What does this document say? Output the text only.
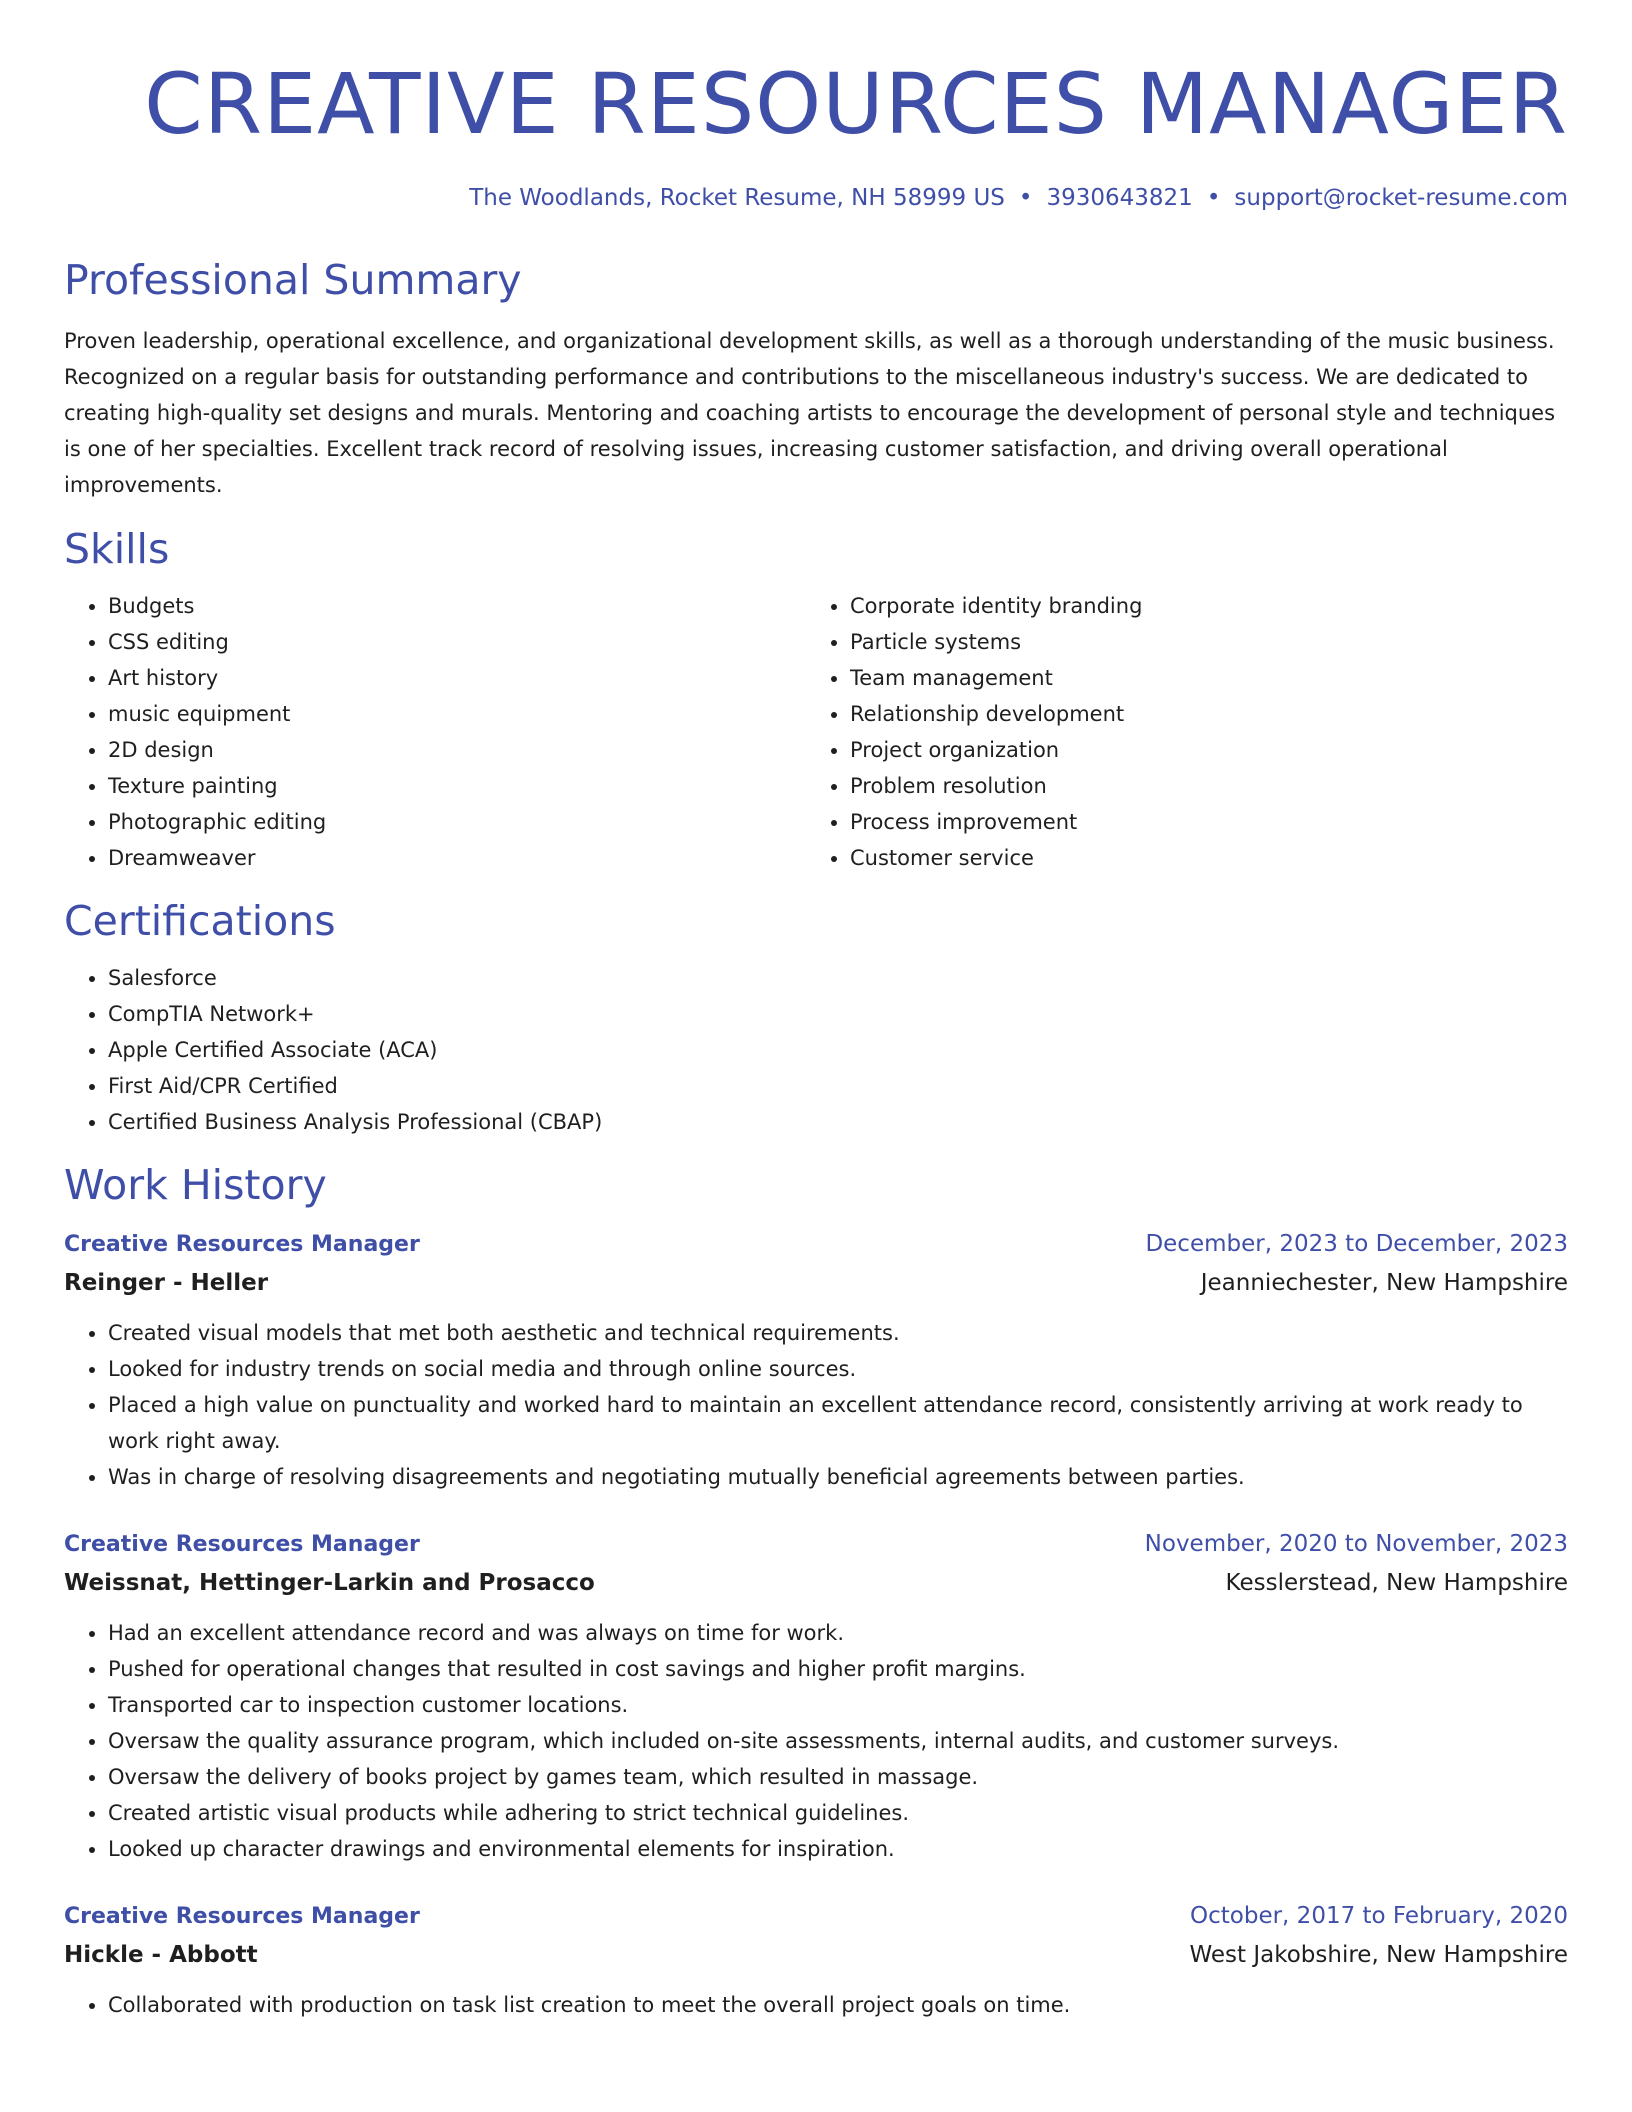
CREATIVE RESOURCES MANAGER
The Woodlands, Rocket Resume, NH 58999 US • 3930643821 • support@rocket-resume.com
Professional Summary

Proven leadership, operational excellence, and organizational development skills, as well as a thorough understanding of the music business. Recognized on a regular basis for outstanding performance and contributions to the miscellaneous industry's success. We are dedicated to creating high-quality set designs and murals. Mentoring and coaching artists to encourage the development of personal style and techniques is one of her specialties. Excellent track record of resolving issues, increasing customer satisfaction, and driving overall operational improvements.

Skills
• Budgets
• CSS editing
• Art history
• music equipment
• 2D design
• Texture painting
• Photographic editing
• Dreamweaver
• Corporate identity branding
• Particle systems
• Team management
• Relationship development
• Project organization
• Problem resolution
• Process improvement
• Customer service
Certifications
• Salesforce
• CompTIA Network+
• Apple Certified Associate (ACA)
• First Aid/CPR Certified
• Certified Business Analysis Professional (CBAP)
Work History
Creative Resources Manager	December, 2023 to December, 2023
Reinger - Heller	Jeanniechester, New Hampshire
• Created visual models that met both aesthetic and technical requirements.
• Looked for industry trends on social media and through online sources.
• Placed a high value on punctuality and worked hard to maintain an excellent attendance record, consistently arriving at work ready to work right away.
• Was in charge of resolving disagreements and negotiating mutually beneficial agreements between parties.
Creative Resources Manager	November, 2020 to November, 2023
Weissnat, Hettinger-Larkin and Prosacco	Kesslerstead, New Hampshire
• Had an excellent attendance record and was always on time for work.
• Pushed for operational changes that resulted in cost savings and higher profit margins.
• Transported car to inspection customer locations.
• Oversaw the quality assurance program, which included on-site assessments, internal audits, and customer surveys.
• Oversaw the delivery of books project by games team, which resulted in massage.
• Created artistic visual products while adhering to strict technical guidelines.
• Looked up character drawings and environmental elements for inspiration.
Creative Resources Manager	October, 2017 to February, 2020
Hickle - Abbott	West Jakobshire, New Hampshire
• Collaborated with production on task list creation to meet the overall project goals on time.
